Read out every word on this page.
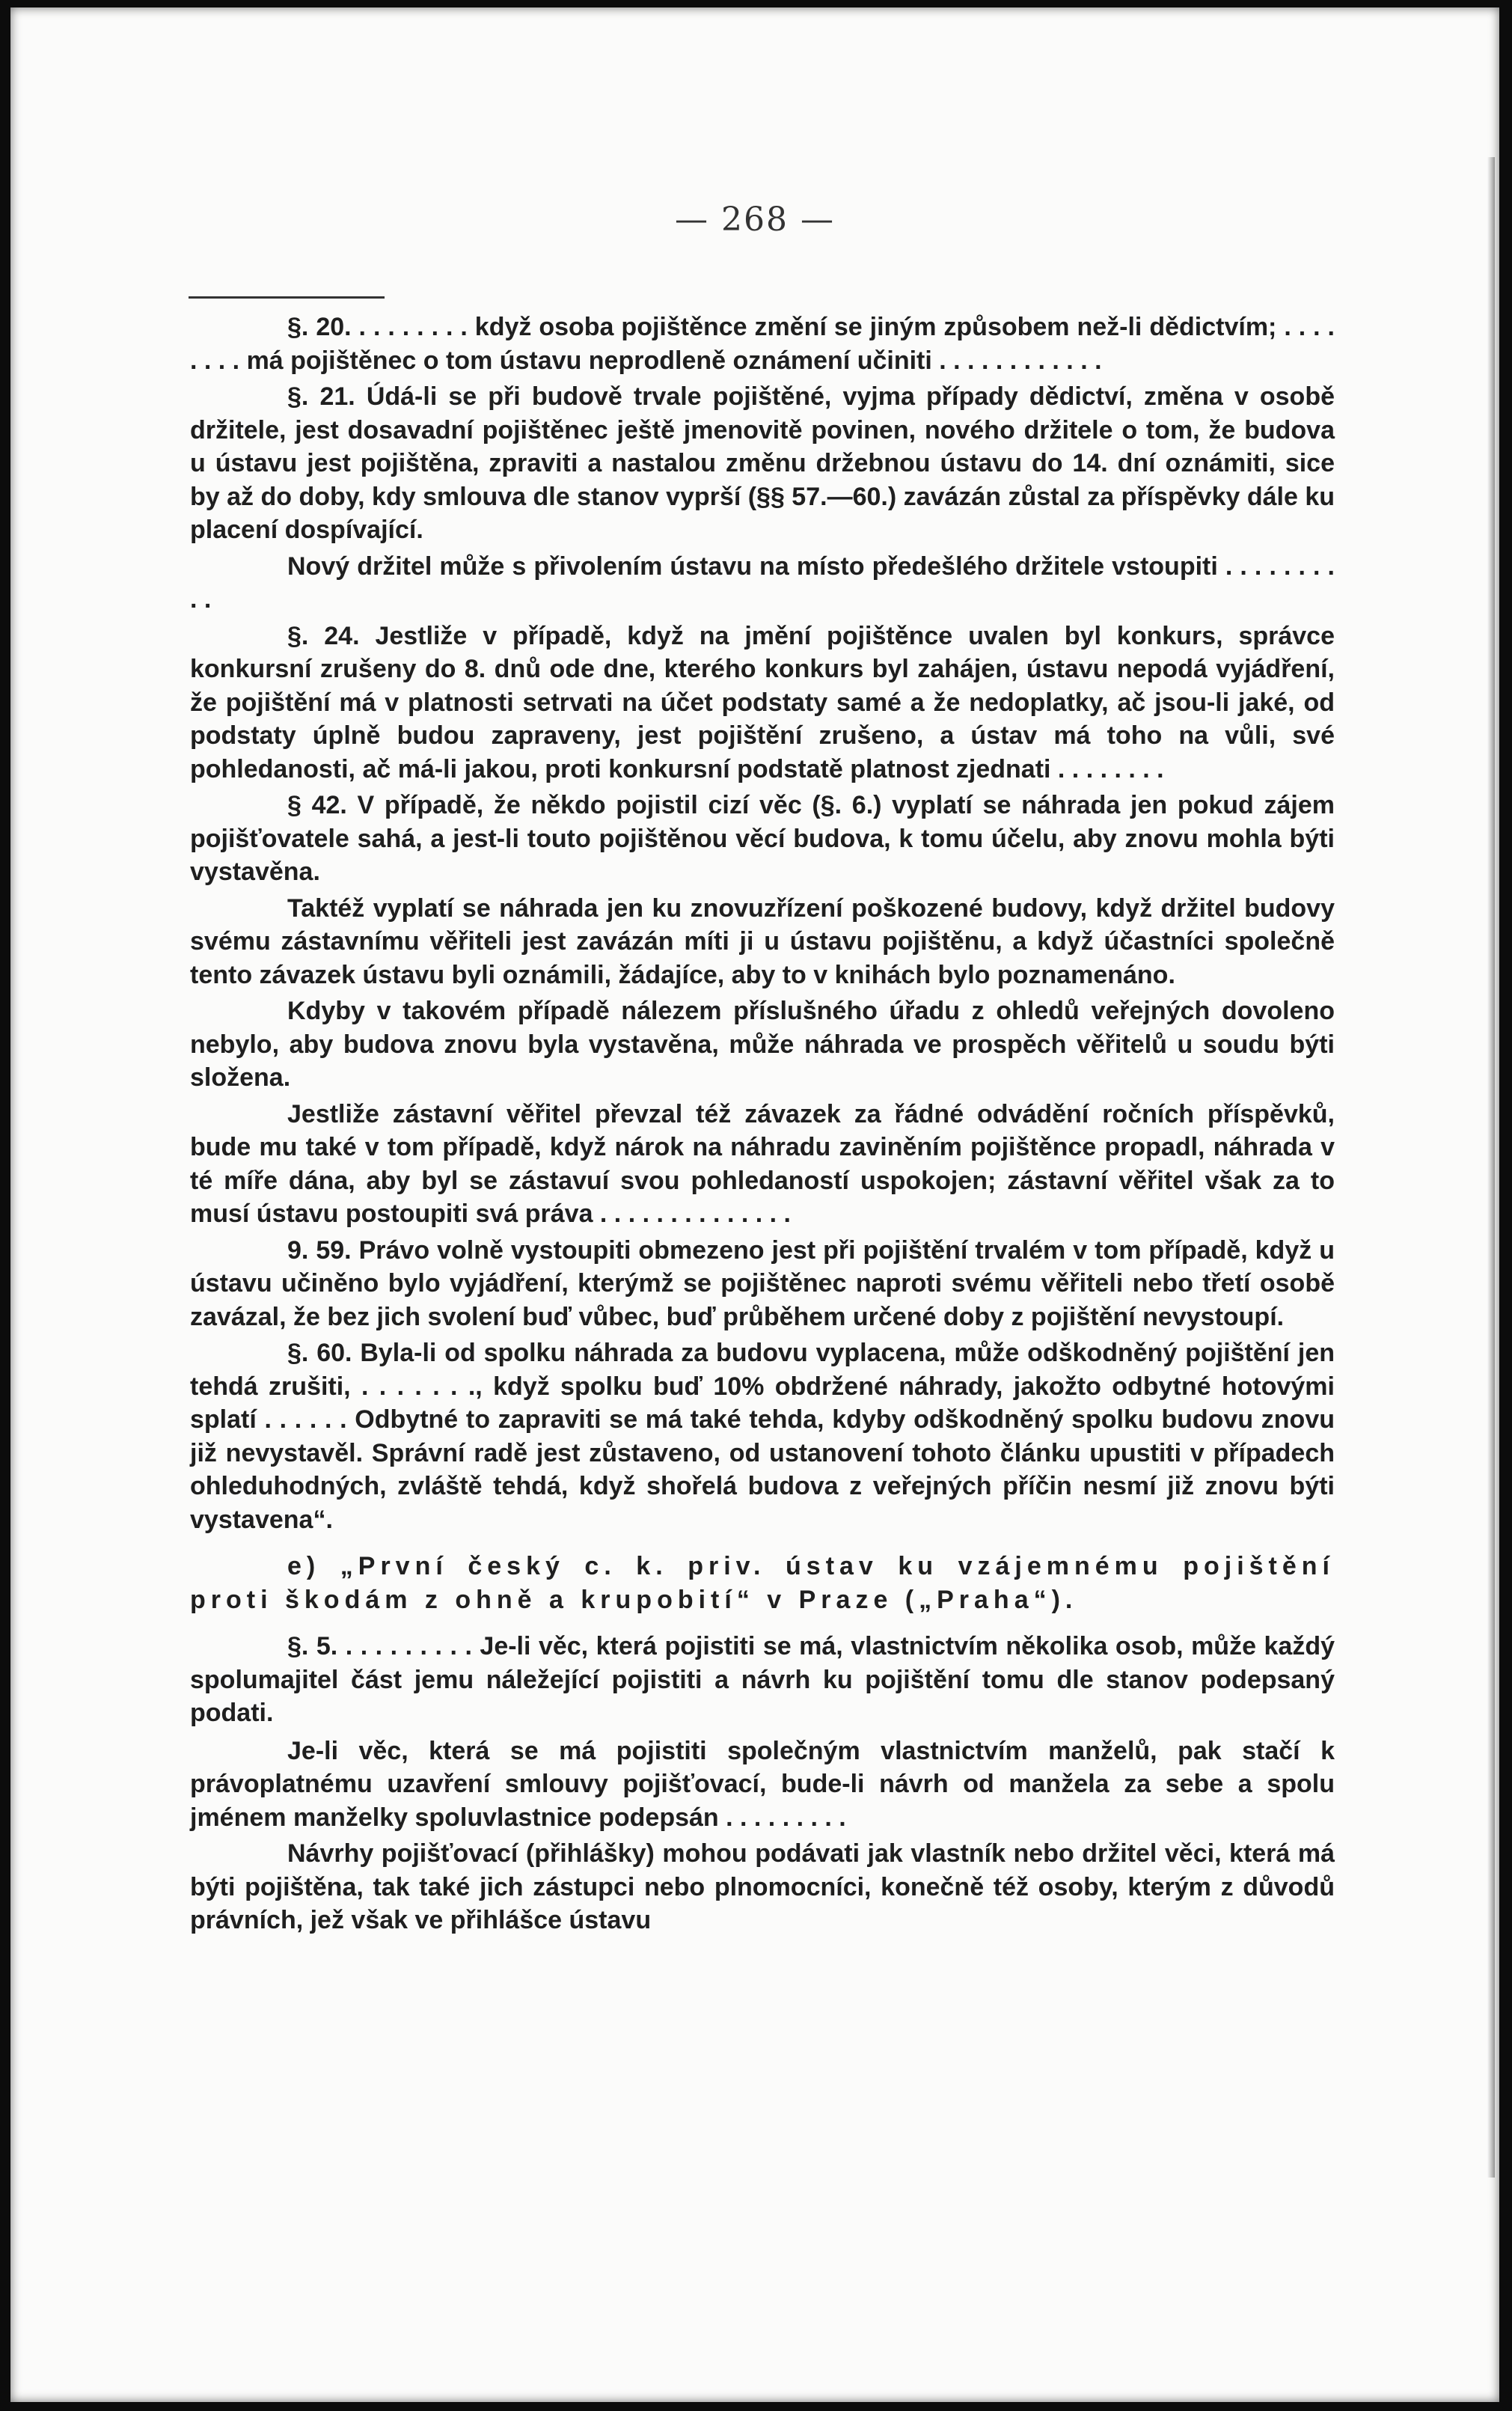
— 268 —

§. 20. . . . . . . . . když osoba pojištěnce změní se jiným způsobem než-li dědictvím; . . . . . . . . má pojištěnec o tom ústavu neprodleně oznámení učiniti . . . . . . . . . . . .

§. 21. Údá-li se při budově trvale pojištěné, vyjma případy dědictví, změna v osobě držitele, jest dosavadní pojištěnec ještě jmenovitě povinen, nového držitele o tom, že budova u ústavu jest pojištěna, zpraviti a nastalou změnu držebnou ústavu do 14. dní oznámiti, sice by až do doby, kdy smlouva dle stanov vyprší (§§ 57.—60.) zavázán zůstal za příspěvky dále ku placení dospívající.

Nový držitel může s přivolením ústavu na místo předešlého držitele vstoupiti . . . . . . . . . .

§. 24. Jestliže v případě, když na jmění pojištěnce uvalen byl konkurs, správce konkursní zrušeny do 8. dnů ode dne, kterého konkurs byl zahájen, ústavu nepodá vyjádření, že pojištění má v platnosti setrvati na účet podstaty samé a že nedoplatky, ač jsou-li jaké, od podstaty úplně budou zapraveny, jest pojištění zrušeno, a ústav má toho na vůli, své pohledanosti, ač má-li jakou, proti konkursní podstatě platnost zjednati . . . . . . . .

§ 42. V případě, že někdo pojistil cizí věc (§. 6.) vyplatí se náhrada jen pokud zájem pojišťovatele sahá, a jest-li touto pojištěnou věcí budova, k tomu účelu, aby znovu mohla býti vystavěna.

Taktéž vyplatí se náhrada jen ku znovuzřízení poškozené budovy, když držitel budovy svému zástavnímu věřiteli jest zavázán míti ji u ústavu pojištěnu, a když účastníci společně tento závazek ústavu byli oznámili, žádajíce, aby to v knihách bylo poznamenáno.

Kdyby v takovém případě nálezem příslušného úřadu z ohledů veřejných dovoleno nebylo, aby budova znovu byla vystavěna, může náhrada ve prospěch věřitelů u soudu býti složena.

Jestliže zástavní věřitel převzal též závazek za řádné odvádění ročních příspěvků, bude mu také v tom případě, když nárok na náhradu zaviněním pojištěnce propadl, náhrada v té míře dána, aby byl se zástavuí svou pohledaností uspokojen; zástavní věřitel však za to musí ústavu postoupiti svá práva . . . . . . . . . . . . . .

9. 59. Právo volně vystoupiti obmezeno jest při pojištění trvalém v tom případě, když u ústavu učiněno bylo vyjádření, kterýmž se pojištěnec naproti svému věřiteli nebo třetí osobě zavázal, že bez jich svolení buď vůbec, buď průběhem určené doby z pojištění nevystoupí.

§. 60. Byla-li od spolku náhrada za budovu vyplacena, může odškodněný pojištění jen tehdá zrušiti, . . . . . . ., když spolku buď 10% obdržené náhrady, jakožto odbytné hotovými splatí . . . . . . Odbytné to zapraviti se má také tehda, kdyby odškodněný spolku budovu znovu již nevystavěl. Správní radě jest zůstaveno, od ustanovení tohoto článku upustiti v případech ohleduhodných, zvláště tehdá, když shořelá budova z veřejných příčin nesmí již znovu býti vystavena“.

e) „První český c. k. priv. ústav ku vzájemnému pojištění proti škodám z ohně a krupobití“ v Praze („Praha“).

§. 5. . . . . . . . . . Je-li věc, která pojistiti se má, vlastnictvím několika osob, může každý spolumajitel část jemu náležející pojistiti a návrh ku pojištění tomu dle stanov podepsaný podati.

Je-li věc, která se má pojistiti společným vlastnictvím manželů, pak stačí k právoplatnému uzavření smlouvy pojišťovací, bude-li návrh od manžela za sebe a spolu jménem manželky spoluvlastnice podepsán . . . . . . . . .

Návrhy pojišťovací (přihlášky) mohou podávati jak vlastník nebo držitel věci, která má býti pojištěna, tak také jich zástupci nebo plnomocníci, konečně též osoby, kterým z důvodů právních, jež však ve přihlášce ústavu
